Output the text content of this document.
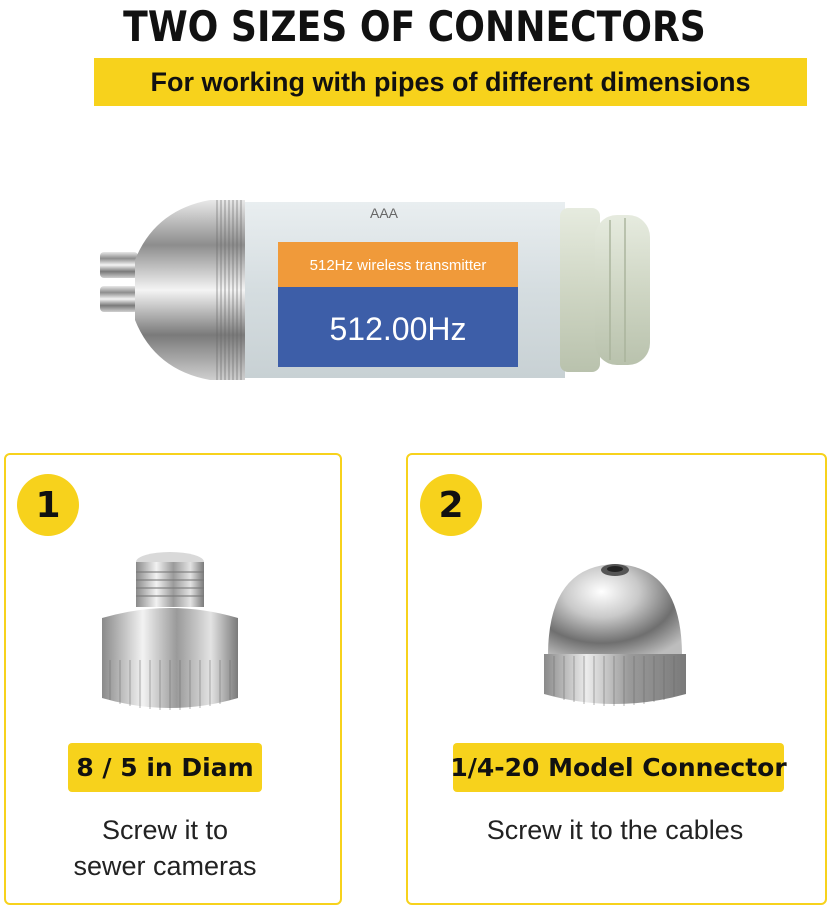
TWO SIZES OF CONNECTORS
For working with pipes of different dimensions
AAA
512Hz wireless transmitter
512.00Hz
1
8 / 5 in Diam
Screw it to
sewer cameras
2
1/4-20 Model Connector
Screw it to the cables
